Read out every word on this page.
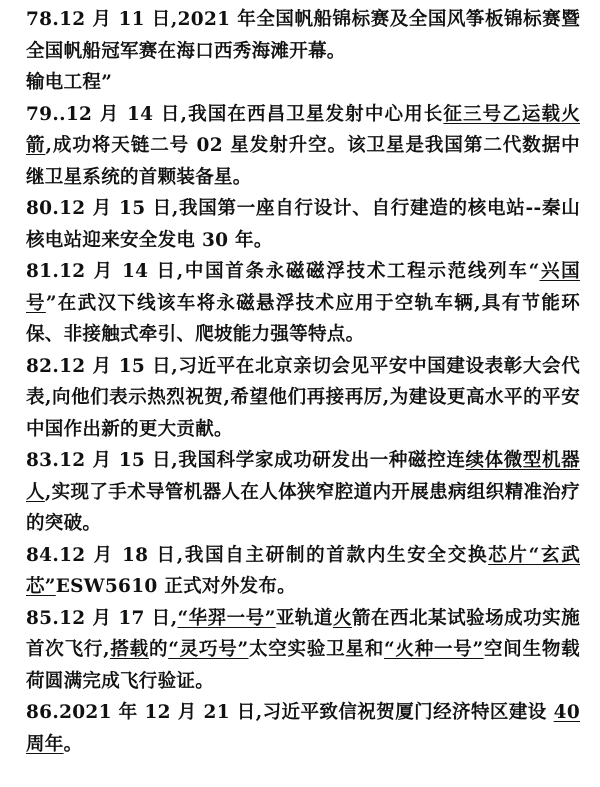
78.12 月 11 日,2021 年全国帆船锦标赛及全国风筝板锦标赛暨全国帆船冠军赛在海口西秀海滩开幕。

输电工程”

79..12 月 14 日,我国在西昌卫星发射中心用长征三号乙运载火箭,成功将天链二号 02 星发射升空。该卫星是我国第二代数据中继卫星系统的首颗装备星。

80.12 月 15 日,我国第一座自行设计、自行建造的核电站--秦山核电站迎来安全发电 30 年。

81.12 月 14 日,中国首条永磁磁浮技术工程示范线列车“兴国号”在武汉下线该车将永磁悬浮技术应用于空轨车辆,具有节能环保、非接触式牵引、爬坡能力强等特点。

82.12 月 15 日,习近平在北京亲切会见平安中国建设表彰大会代表,向他们表示热烈祝贺,希望他们再接再厉,为建设更高水平的平安中国作出新的更大贡献。

83.12 月 15 日,我国科学家成功研发出一种磁控连续体微型机器人,实现了手术导管机器人在人体狭窄腔道内开展患病组织精准治疗的突破。

84.12 月 18 日,我国自主研制的首款内生安全交换芯片“玄武芯”ESW5610 正式对外发布。

85.12 月 17 日,“华羿一号”亚轨道火箭在西北某试验场成功实施首次飞行,搭载的“灵巧号”太空实验卫星和“火种一号”空间生物载荷圆满完成飞行验证。

86.2021 年 12 月 21 日,习近平致信祝贺厦门经济特区建设 40周年。
